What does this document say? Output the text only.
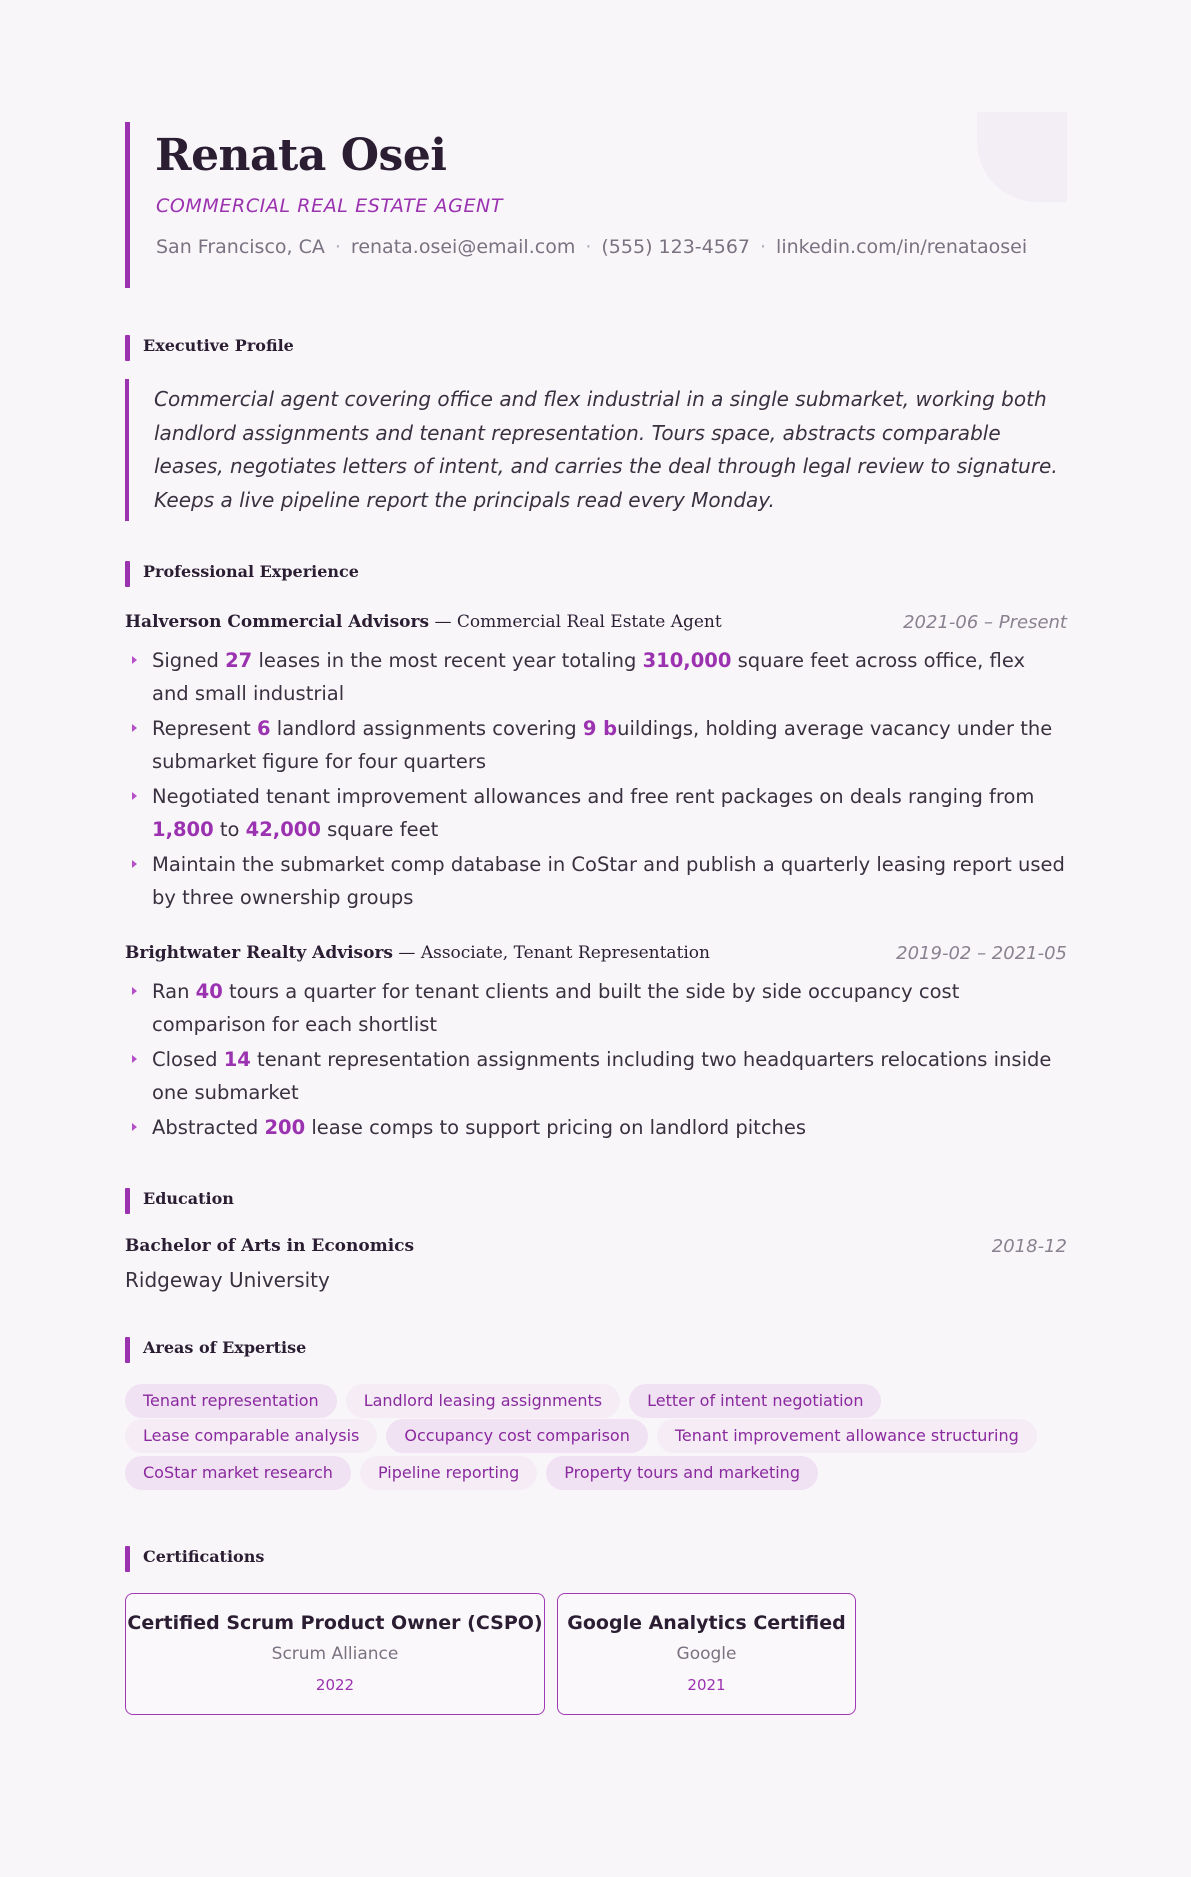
Renata Osei
COMMERCIAL REAL ESTATE AGENT
San Francisco, CA · renata.osei@email.com · (555) 123-4567 · linkedin.com/in/renataosei
Executive Profile
Commercial agent covering office and flex industrial in a single submarket, working both landlord assignments and tenant representation. Tours space, abstracts comparable leases, negotiates letters of intent, and carries the deal through legal review to signature. Keeps a live pipeline report the principals read every Monday.
Professional Experience
Halverson Commercial Advisors — Commercial Real Estate Agent	2021-06 – Present
Signed 27 leases in the most recent year totaling 310,000 square feet across office, flex and small industrial
Represent 6 landlord assignments covering 9 buildings, holding average vacancy under the submarket figure for four quarters
Negotiated tenant improvement allowances and free rent packages on deals ranging from 1,800 to 42,000 square feet
Maintain the submarket comp database in CoStar and publish a quarterly leasing report used by three ownership groups
Brightwater Realty Advisors — Associate, Tenant Representation	2019-02 – 2021-05
Ran 40 tours a quarter for tenant clients and built the side by side occupancy cost comparison for each shortlist
Closed 14 tenant representation assignments including two headquarters relocations inside one submarket
Abstracted 200 lease comps to support pricing on landlord pitches
Education
Bachelor of Arts in Economics	2018-12
Ridgeway University
Areas of Expertise
Tenant representation	Landlord leasing assignments	Letter of intent negotiation
Lease comparable analysis	Occupancy cost comparison	Tenant improvement allowance structuring
CoStar market research	Pipeline reporting	Property tours and marketing
Certifications
Certified Scrum Product Owner (CSPO)
Scrum Alliance
2022
Google Analytics Certified
Google
2021
